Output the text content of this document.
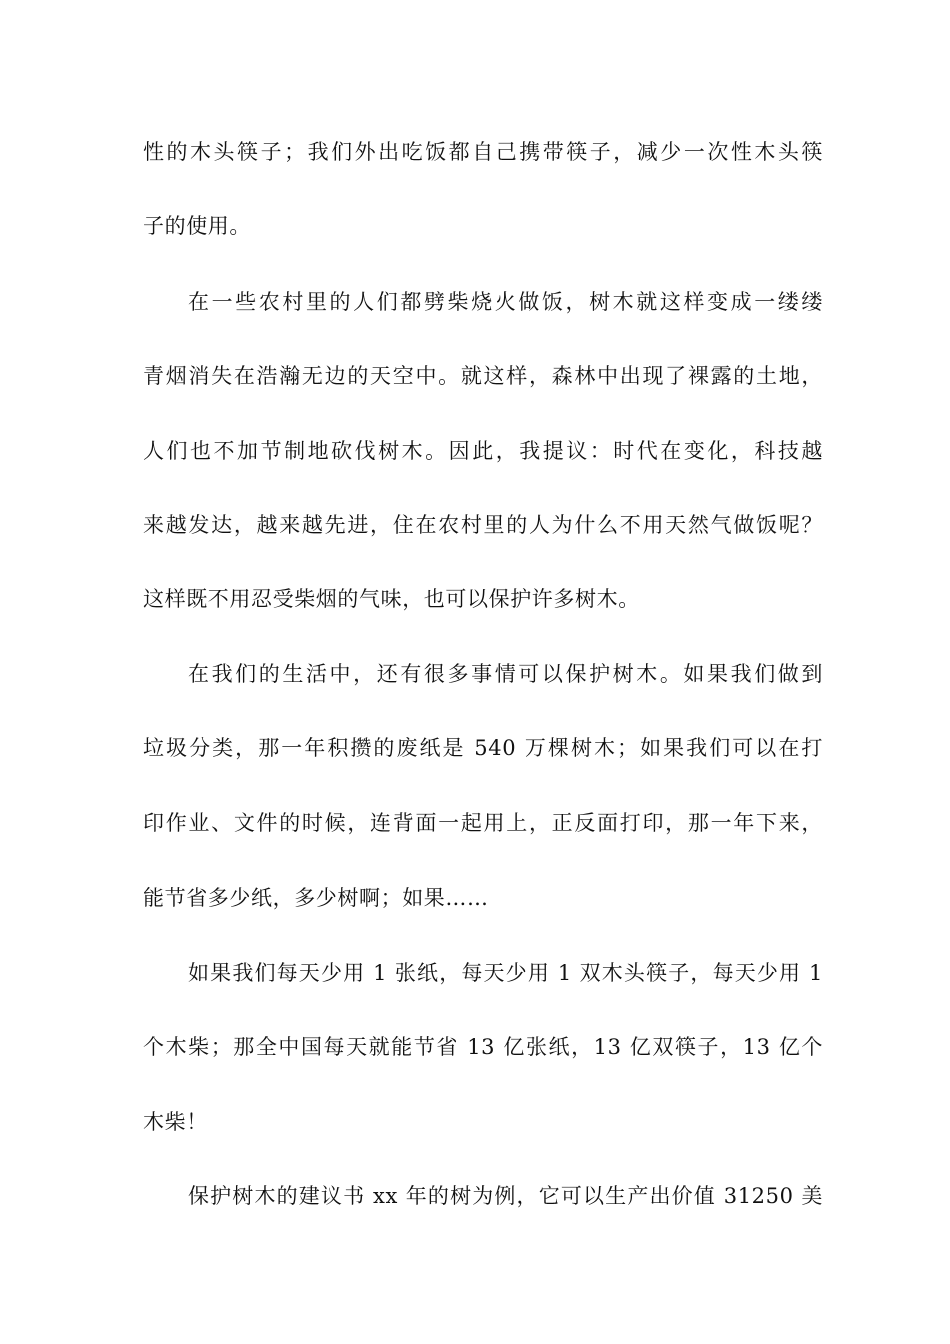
性的木头筷子；我们外出吃饭都自己携带筷子，减少一次性木头筷
子的使用。
在一些农村里的人们都劈柴烧火做饭，树木就这样变成一缕缕
青烟消失在浩瀚无边的天空中。就这样，森林中出现了裸露的土地，
人们也不加节制地砍伐树木。因此，我提议：时代在变化，科技越
来越发达，越来越先进，住在农村里的人为什么不用天然气做饭呢？
这样既不用忍受柴烟的气味，也可以保护许多树木。
在我们的生活中，还有很多事情可以保护树木。如果我们做到
垃圾分类，那一年积攒的废纸是 540 万棵树木；如果我们可以在打
印作业、文件的时候，连背面一起用上，正反面打印，那一年下来，
能节省多少纸，多少树啊；如果……
如果我们每天少用 1 张纸，每天少用 1 双木头筷子，每天少用 1
个木柴；那全中国每天就能节省 13 亿张纸，13 亿双筷子，13 亿个
木柴！
保护树木的建议书 xx 年的树为例，它可以生产出价值 31250 美
